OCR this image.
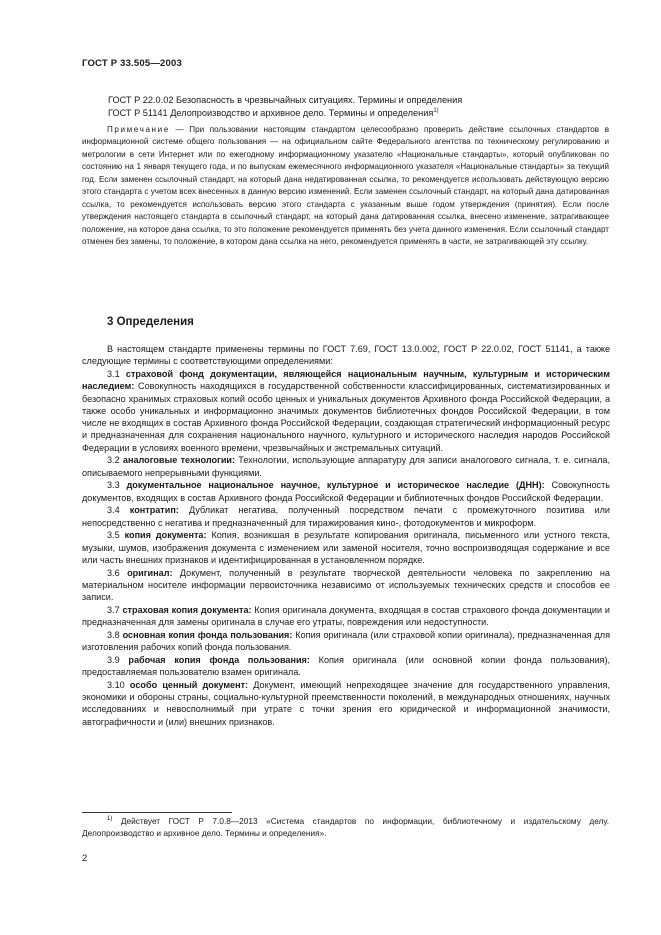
ГОСТ Р 33.505—2003
ГОСТ Р 22.0.02 Безопасность в чрезвычайных ситуациях. Термины и определения
ГОСТ Р 51141 Делопроизводство и архивное дело. Термины и определения$^{1)}$
Примечание — При пользовании настоящим стандартом целесообразно проверить действие ссылочных стандартов в информационной системе общего пользования — на официальном сайте Федерального агентства по техническому регулированию и метрологии в сети Интернет или по ежегодному информационному указателю «Национальные стандарты», который опубликован по состоянию на 1 января текущего года, и по выпускам ежемесячного информационного указателя «Национальные стандарты» за текущий год. Если заменен ссылочный стандарт, на который дана недатированная ссылка, то рекомендуется использовать действующую версию этого стандарта с учетом всех внесенных в данную версию изменений. Если заменен ссылочный стандарт, на который дана датированная ссылка, то рекомендуется использовать версию этого стандарта с указанным выше годом утверждения (принятия). Если после утверждения настоящего стандарта в ссылочный стандарт, на который дана датированная ссылка, внесено изменение, затрагивающее положение, на которое дана ссылка, то это положение рекомендуется применять без учета данного изменения. Если ссылочный стандарт отменен без замены, то положение, в котором дана ссылка на него, рекомендуется применять в части, не затрагивающей эту ссылку.
3 Определения

В настоящем стандарте применены термины по ГОСТ 7.69, ГОСТ 13.0.002, ГОСТ Р 22.0.02, ГОСТ 51141, а также следующие термины с соответствующими определениями:

3.1 страховой фонд документации, являющейся национальным научным, культурным и историческим наследием: Совокупность находящихся в государственной собственности классифицированных, систематизированных и безопасно хранимых страховых копий особо ценных и уникальных документов Архивного фонда Российской Федерации, а также особо уникальных и информационно значимых документов библиотечных фондов Российской Федерации, в том числе не входящих в состав Архивного фонда Российской Федерации, создающая стратегический информационный ресурс и предназначенная для сохранения национального научного, культурного и исторического наследия народов Российской Федерации в условиях военного времени, чрезвычайных и экстремальных ситуаций.

3.2 аналоговые технологии: Технологии, использующие аппаратуру для записи аналогового сигнала, т. е. сигнала, описываемого непрерывными функциями.

3.3 документальное национальное научное, культурное и историческое наследие (ДНН): Совокупность документов, входящих в состав Архивного фонда Российской Федерации и библиотечных фондов Российской Федерации.

3.4 контратип: Дубликат негатива, полученный посредством печати с промежуточного позитива или непосредственно с негатива и предназначенный для тиражирования кино-, фотодокументов и микроформ.

3.5 копия документа: Копия, возникшая в результате копирования оригинала, письменного или устного текста, музыки, шумов, изображения документа с изменением или заменой носителя, точно воспроизводящая содержание и все или часть внешних признаков и идентифицированная в установленном порядке.

3.6 оригинал: Документ, полученный в результате творческой деятельности человека по закреплению на материальном носителе информации первоисточника независимо от используемых технических средств и способов ее записи.

3.7 страховая копия документа: Копия оригинала документа, входящая в состав страхового фонда документации и предназначенная для замены оригинала в случае его утраты, повреждения или недоступности.

3.8 основная копия фонда пользования: Копия оригинала (или страховой копии оригинала), предназначенная для изготовления рабочих копий фонда пользования.

3.9 рабочая копия фонда пользования: Копия оригинала (или основной копии фонда пользования), предоставляемая пользователю взамен оригинала.

3.10 особо ценный документ: Документ, имеющий непреходящее значение для государственного управления, экономики и обороны страны, социально-культурной преемственности поколений, в международных отношениях, научных исследованиях и невосполнимый при утрате с точки зрения его юридической и информационной значимости, автографичности и (или) внешних признаков.

$^{1)}$ Действует ГОСТ Р 7.0.8—2013 «Система стандартов по информации, библиотечному и издательскому делу. Делопроизводство и архивное дело. Термины и определения».
2
